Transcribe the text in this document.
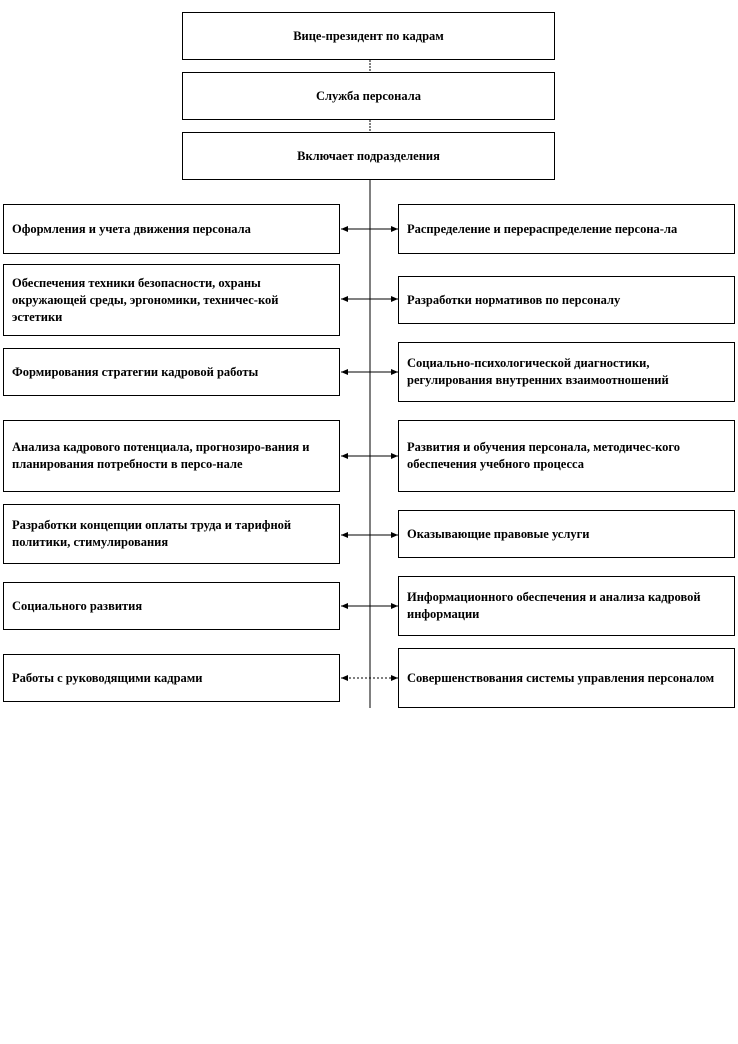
Вице-президент по кадрам
Служба персонала
Включает подразделения
Оформления и учета движения персонала
Обеспечения техники безопасности, охраны окружающей среды, эргономики, техничес-кой эстетики
Формирования стратегии кадровой работы
Анализа кадрового потенциала, прогнозиро-вания и планирования потребности в персо-нале
Разработки концепции оплаты труда и тарифной политики, стимулирования
Социального развития
Работы с руководящими кадрами
Распределение и перераспределение персона-ла
Разработки нормативов по персоналу
Социально-психологической диагностики, регулирования внутренних взаимоотношений
Развития и обучения персонала, методичес-кого обеспечения учебного процесса
Оказывающие правовые услуги
Информационного обеспечения и анализа кадровой информации
Совершенствования системы управления персоналом
